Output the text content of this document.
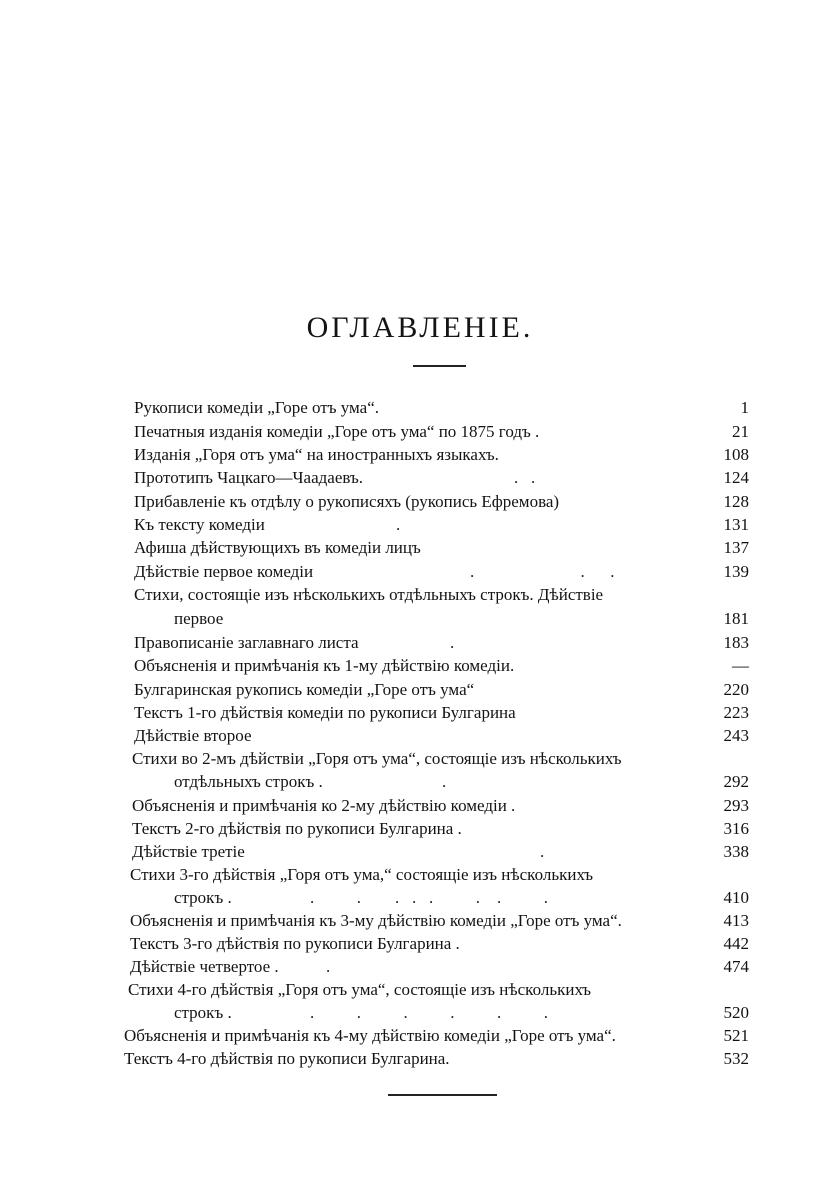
ОГЛАВЛЕНІЕ.
Рукописи комедіи „Горе отъ ума“.	1
Печатныя изданія комедіи „Горе отъ ума“ по 1875 годъ .	21
Изданія „Горя отъ ума“ на иностранныхъ языкахъ.	108
Прототипъ Чацкаго—Чаадаевъ.	.   .	124
Прибавленіе къ отдѣлу о рукописяхъ (рукопись Ефремова)	128
Къ тексту комедіи	.	131
Афиша дѣйствующихъ въ комедіи лицъ	137
Дѣйствіе первое комедіи	.                         .      .	139
Стихи, состоящіе изъ нѣсколькихъ отдѣльныхъ строкъ. Дѣйствіе
первое	181
Правописаніе заглавнаго листа	.	183
Объясненія и примѣчанія къ 1-му дѣйствію комедіи.	—
Булгаринская рукопись комедіи „Горе отъ ума“	220
Текстъ 1-го дѣйствія комедіи по рукописи Булгарина	223
Дѣйствіе второе	243
Стихи во 2-мъ дѣйствіи „Горя отъ ума“, состоящіе изъ нѣсколькихъ
отдѣльныхъ строкъ .	.	292
Объясненія и примѣчанія ко 2-му дѣйствію комедіи .	293
Текстъ 2-го дѣйствія по рукописи Булгарина .	316
Дѣйствіе третіе	.	338
Стихи 3-го дѣйствія „Горя отъ ума,“ состоящіе изъ нѣсколькихъ
строкъ .	.          .        .   .   .          .    .          .	410
Объясненія и примѣчанія къ 3-му дѣйствію комедіи „Горе отъ ума“.	413
Текстъ 3-го дѣйствія по рукописи Булгарина .	442
Дѣйствіе четвертое .	.	474
Стихи 4-го дѣйствія „Горя отъ ума“, состоящіе изъ нѣсколькихъ
строкъ .	.          .          .          .          .          .	520
Объясненія и примѣчанія къ 4-му дѣйствію комедіи „Горе отъ ума“.	521
Текстъ 4-го дѣйствія по рукописи Булгарина.	532
